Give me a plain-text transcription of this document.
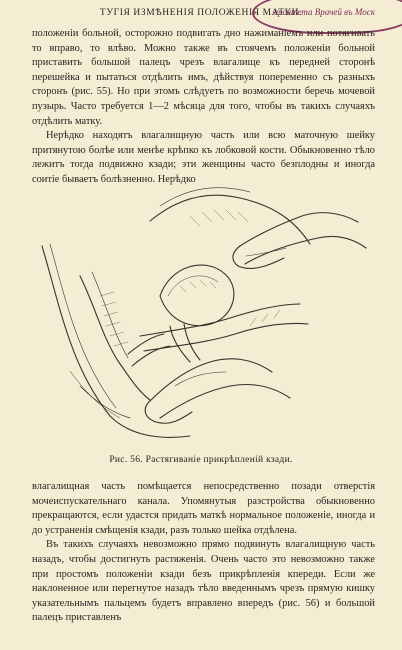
ТУГІЯ ИЗМѢНЕНІЯ ПОЛОЖЕНІЯ МАТКИ.
ерситета Врачей въ Моск

положеніи больной, осторожно подвигать дно нажиманіемъ или потягивать то вправо, то влѣво. Можно также въ стоячемъ положеніи больной приставить большой палецъ чрезъ влагалище къ передней сторонѣ перешейка и пытаться отдѣлить имъ, дѣйствуя попеременно съ разныхъ сторонъ (рис. 55). Но при этомъ слѣдуетъ по возможности беречь мочевой пузырь. Часто требуется 1—2 мѣсяца для того, чтобы въ такихъ случаяхъ отдѣлить матку.

Нерѣдко находятъ влагалищную часть или всю маточную шейку притянутою болѣе или менѣе крѣпко къ лобковой кости. Обыкновенно тѣло лежитъ тогда подвижно кзади; эти женщины часто безплодны и иногда соитіе бываетъ болѣзненно. Нерѣдко

Рис. 56. Растягиваніе прикрѣпленій кзади.

влагалищная часть помѣщается непосредственно позади отверстія мочеиспускательнаго канала. Упомянутыя разстройства обыкновенно прекращаются, если удастся придать маткѣ нормальное положеніе, иногда и до устраненія смѣщенія кзади, разъ только шейка отдѣлена.

Въ такихъ случаяхъ невозможно прямо подвинуть влагалищную часть назадъ, чтобы достигнуть растяженія. Очень часто это невозможно также при простомъ положеніи кзади безъ прикрѣпленія кпереди. Если же наклоненное или перегнутое назадъ тѣло введеннымъ чрезъ прямую кишку указательнымъ пальцемъ будетъ вправлено впередъ (рис. 56) и большой палецъ приставленъ
